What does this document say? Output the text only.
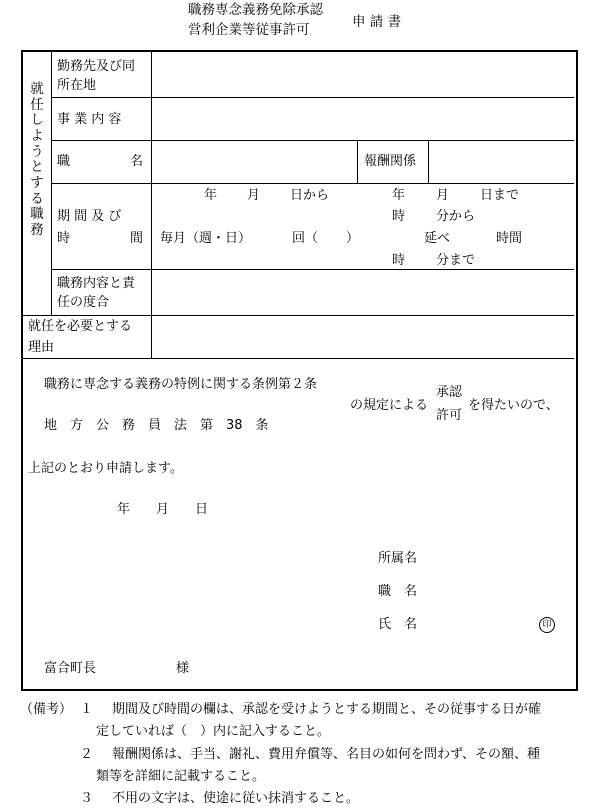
職務専念義務免除承認
営利企業等従事許可	申 請 書
就任しようとする職務
勤務先及び同
所在地
事 業 内 容
職	名	報酬関係
期 間 及 び
時	間
年 月 日から	年 月 日まで
時 分から
毎月（週・日）	回（ ）	延べ	時間
時 分まで
職務内容と責
任の度合
就任を必要とする
理由
職務に専念する義務の特例に関する条例第２条
地　方　公　務　員　法　第　38　条
の規定による
承認
許可
を得たいので、
上記のとおり申請します。
年　　月　　日
所属名
職　名
氏　名	印
富合町長	様
（備考） １ 期間及び時間の欄は、承認を受けようとする期間と、その従事する日が確
定していれば（　）内に記入すること。
２ 報酬関係は、手当、謝礼、費用弁償等、名目の如何を問わず、その額、種
類等を詳細に記載すること。
３ 不用の文字は、使途に従い抹消すること。
